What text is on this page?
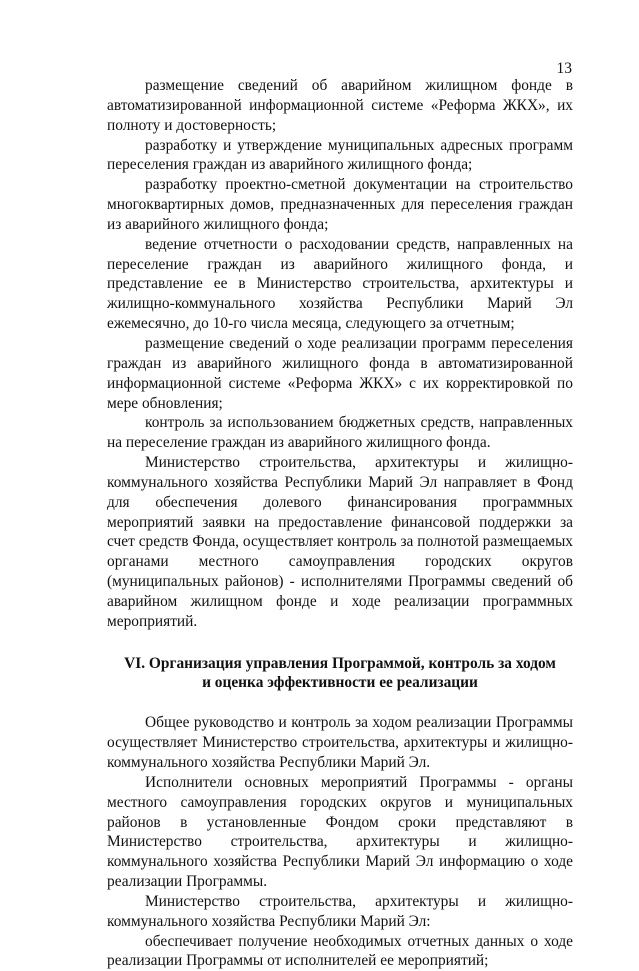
13

размещение сведений об аварийном жилищном фонде в автоматизированной информационной системе «Реформа ЖКХ», их полноту и достоверность;

разработку и утверждение муниципальных адресных программ переселения граждан из аварийного жилищного фонда;

разработку проектно-сметной документации на строительство многоквартирных домов, предназначенных для переселения граждан из аварийного жилищного фонда;

ведение отчетности о расходовании средств, направленных на переселение граждан из аварийного жилищного фонда, и представление ее в Министерство строительства, архитектуры и жилищно-коммунального хозяйства Республики Марий Эл ежемесячно, до 10-го числа месяца, следующего за отчетным;

размещение сведений о ходе реализации программ переселения граждан из аварийного жилищного фонда в автоматизированной информационной системе «Реформа ЖКХ» с их корректировкой по мере обновления;

контроль за использованием бюджетных средств, направленных на переселение граждан из аварийного жилищного фонда.

Министерство строительства, архитектуры и жилищно-коммунального хозяйства Республики Марий Эл направляет в Фонд для обеспечения долевого финансирования программных мероприятий заявки на предоставление финансовой поддержки за счет средств Фонда, осуществляет контроль за полнотой размещаемых органами местного самоуправления городских округов (муниципальных районов) - исполнителями Программы сведений об аварийном жилищном фонде и ходе реализации программных мероприятий.

VI. Организация управления Программой, контроль за ходом
и оценка эффективности ее реализации

Общее руководство и контроль за ходом реализации Программы осуществляет Министерство строительства, архитектуры и жилищно-коммунального хозяйства Республики Марий Эл.

Исполнители основных мероприятий Программы - органы местного самоуправления городских округов и муниципальных районов в установленные Фондом сроки представляют в Министерство строительства, архитектуры и жилищно-коммунального хозяйства Республики Марий Эл информацию о ходе реализации Программы.

Министерство строительства, архитектуры и жилищно-коммунального хозяйства Республики Марий Эл:

обеспечивает получение необходимых отчетных данных о ходе реализации Программы от исполнителей ее мероприятий;
